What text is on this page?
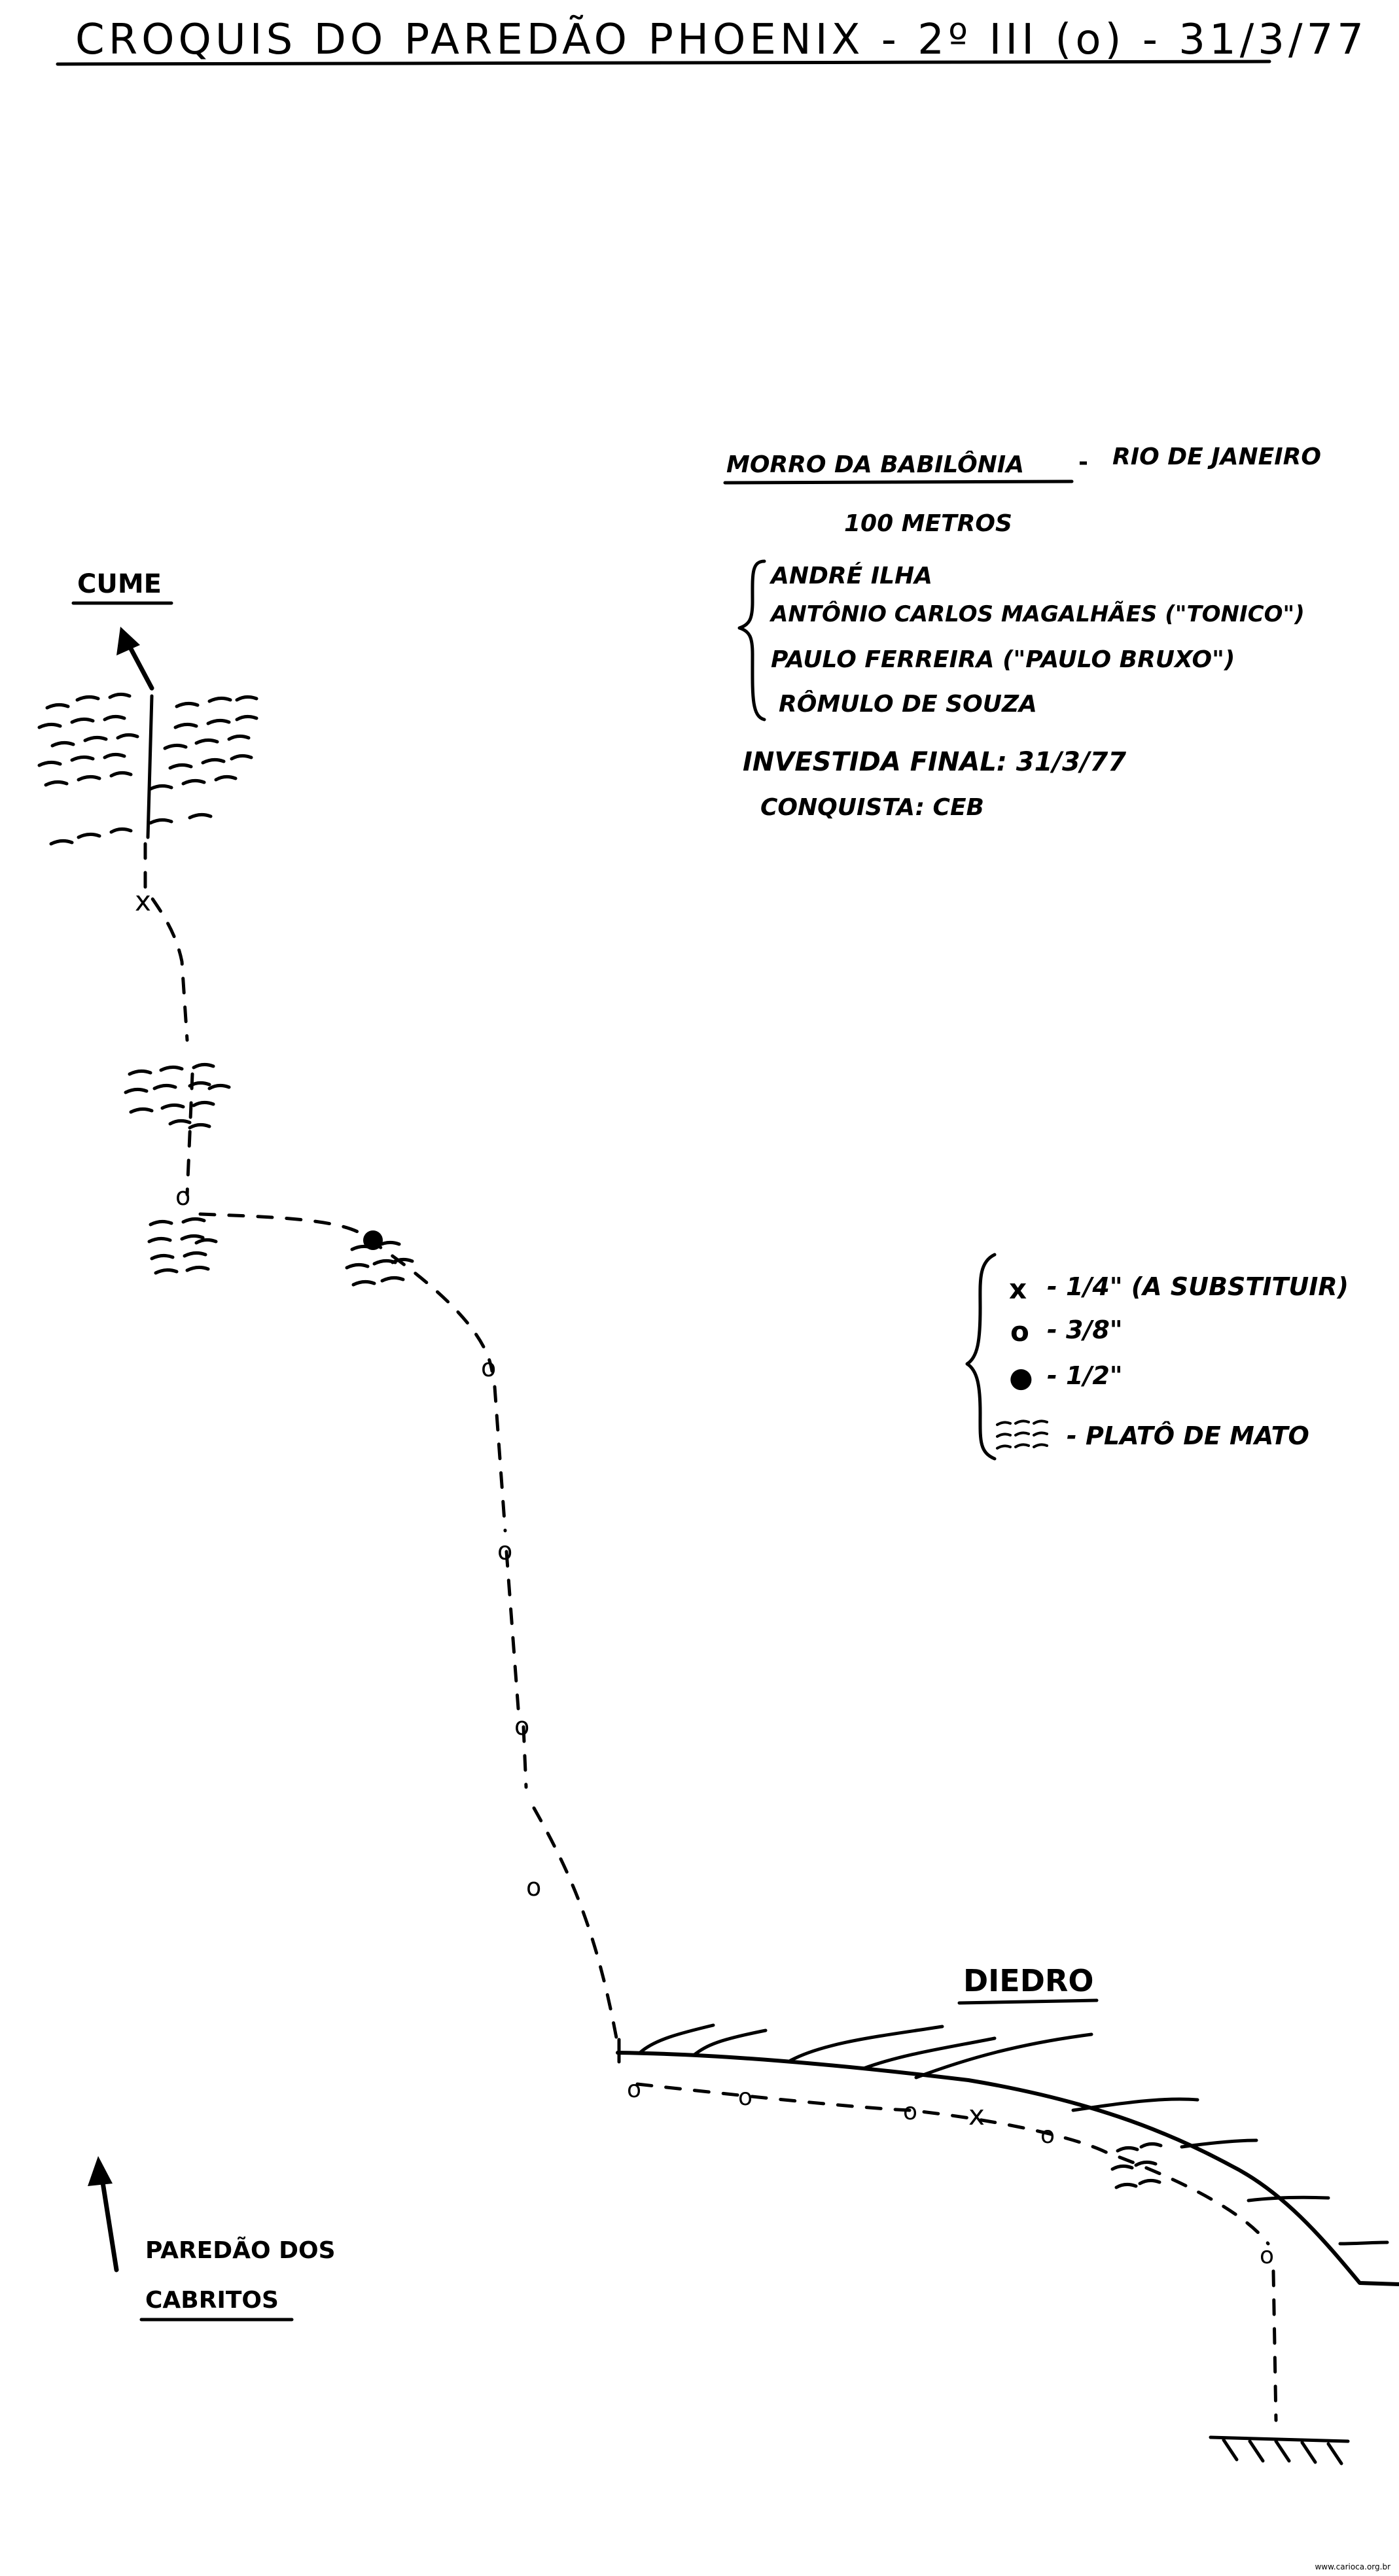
CROQUIS DO PAREDÃO PHOENIX - 2º III (o) - 31/3/77
MORRO DA BABILÔNIA - RIO DE JANEIRO
100 METROS
ANDRÉ ILHA
ANTÔNIO CARLOS MAGALHÃES ("TONICO")
PAULO FERREIRA ("PAULO BRUXO")
RÔMULO DE SOUZA
INVESTIDA FINAL: 31/3/77
CONQUISTA: CEB
CUME
DIEDRO
x
x
o
o
o
o
o
o	o
o
o
o
x - 1/4" (A SUBSTITUIR)
o - 3/8"
● - 1/2"
- PLATÔ DE MATO
PAREDÃO DOS
CABRITOS
www.carioca.org.br
